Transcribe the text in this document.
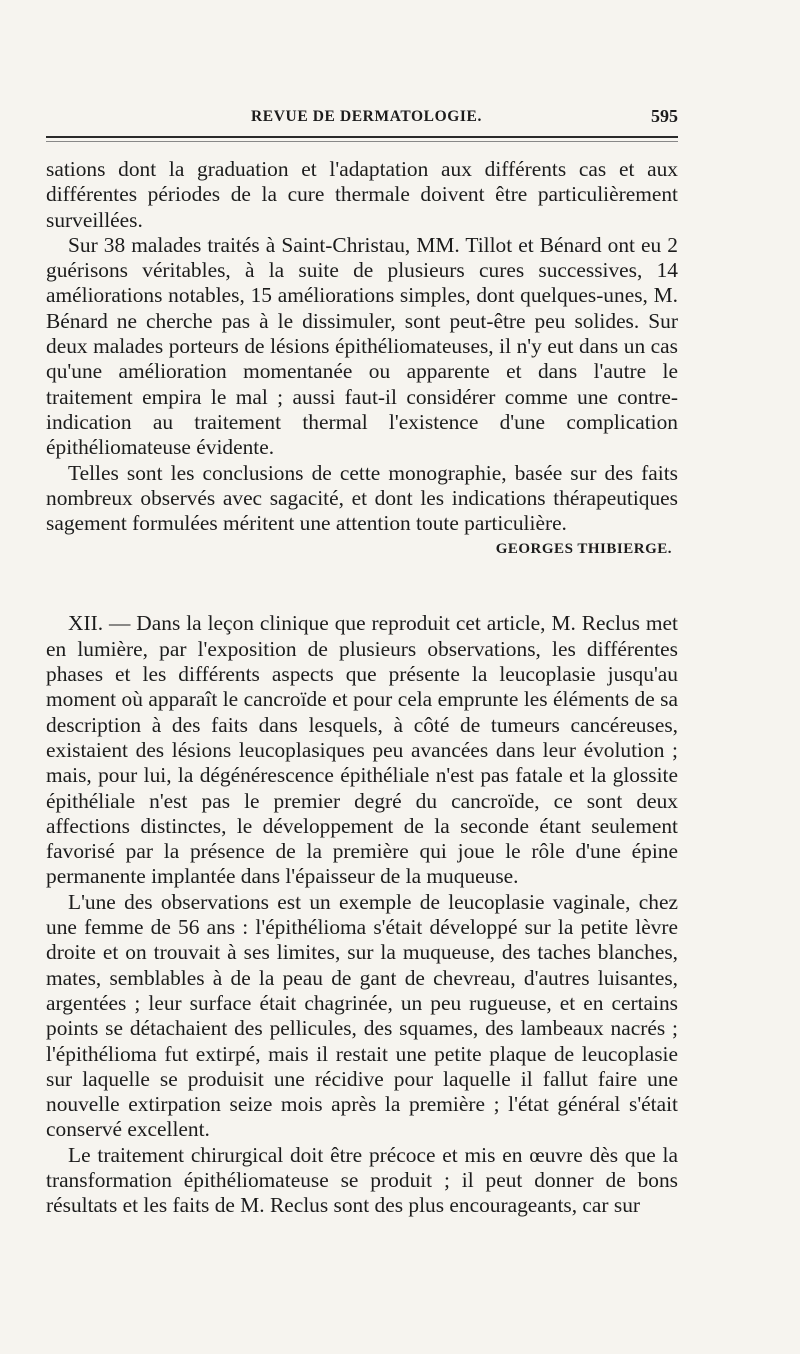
REVUE DE DERMATOLOGIE.	595

sations dont la graduation et l'adaptation aux différents cas et aux différentes périodes de la cure thermale doivent être particulièrement surveillées.

Sur 38 malades traités à Saint-Christau, MM. Tillot et Bénard ont eu 2 guérisons véritables, à la suite de plusieurs cures successives, 14 améliorations notables, 15 améliorations simples, dont quelques-unes, M. Bénard ne cherche pas à le dissimuler, sont peut-être peu solides. Sur deux malades porteurs de lésions épithéliomateuses, il n'y eut dans un cas qu'une amélioration momentanée ou apparente et dans l'autre le traitement empira le mal ; aussi faut-il considérer comme une contre-indication au traitement thermal l'existence d'une complication épithéliomateuse évidente.

Telles sont les conclusions de cette monographie, basée sur des faits nombreux observés avec sagacité, et dont les indications thérapeutiques sagement formulées méritent une attention toute particulière.

GEORGES THIBIERGE.

XII. — Dans la leçon clinique que reproduit cet article, M. Reclus met en lumière, par l'exposition de plusieurs observations, les différentes phases et les différents aspects que présente la leucoplasie jusqu'au moment où apparaît le cancroïde et pour cela emprunte les éléments de sa description à des faits dans lesquels, à côté de tumeurs cancéreuses, existaient des lésions leucoplasiques peu avancées dans leur évolution ; mais, pour lui, la dégénérescence épithéliale n'est pas fatale et la glossite épithéliale n'est pas le premier degré du cancroïde, ce sont deux affections distinctes, le développement de la seconde étant seulement favorisé par la présence de la première qui joue le rôle d'une épine permanente implantée dans l'épaisseur de la muqueuse.

L'une des observations est un exemple de leucoplasie vaginale, chez une femme de 56 ans : l'épithélioma s'était développé sur la petite lèvre droite et on trouvait à ses limites, sur la muqueuse, des taches blanches, mates, semblables à de la peau de gant de chevreau, d'autres luisantes, argentées ; leur surface était chagrinée, un peu rugueuse, et en certains points se détachaient des pellicules, des squames, des lambeaux nacrés ; l'épithélioma fut extirpé, mais il restait une petite plaque de leucoplasie sur laquelle se produisit une récidive pour laquelle il fallut faire une nouvelle extirpation seize mois après la première ; l'état général s'était conservé excellent.

Le traitement chirurgical doit être précoce et mis en œuvre dès que la transformation épithéliomateuse se produit ; il peut donner de bons résultats et les faits de M. Reclus sont des plus encourageants, car sur
